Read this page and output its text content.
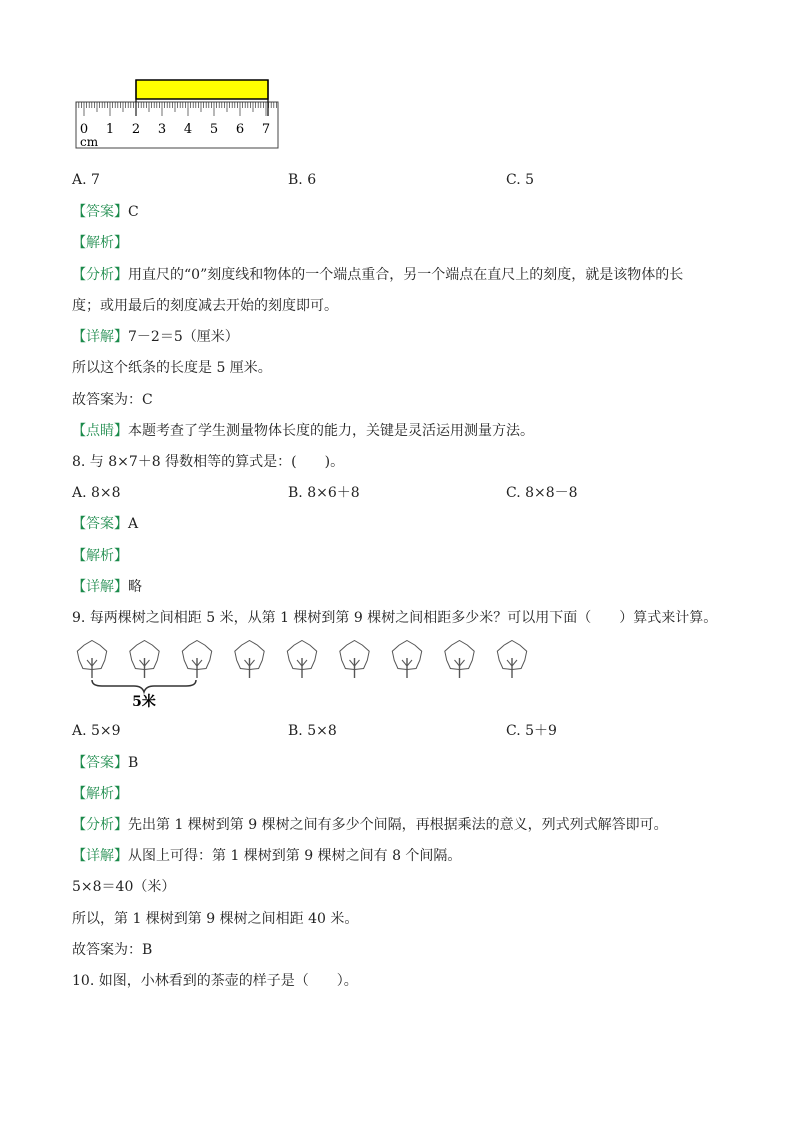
0 1 2 3 4 5 6 7
cm
A. 7	B. 6	C. 5
【答案】C
【解析】
【分析】用直尺的“0”刻度线和物体的一个端点重合，另一个端点在直尺上的刻度，就是该物体的长
度；或用最后的刻度减去开始的刻度即可。
【详解】7－2＝5（厘米）
所以这个纸条的长度是 5 厘米。
故答案为：C
【点睛】本题考查了学生测量物体长度的能力，关键是灵活运用测量方法。
8. 与 8×7＋8 得数相等的算式是：(　　)。
A. 8×8	B. 8×6＋8	C. 8×8－8
【答案】A
【解析】
【详解】略
9. 每两棵树之间相距 5 米，从第 1 棵树到第 9 棵树之间相距多少米？可以用下面（　　）算式来计算。
5米
A. 5×9	B. 5×8	C. 5＋9
【答案】B
【解析】
【分析】先出第 1 棵树到第 9 棵树之间有多少个间隔，再根据乘法的意义，列式列式解答即可。
【详解】从图上可得：第 1 棵树到第 9 棵树之间有 8 个间隔。
5×8＝40（米）
所以，第 1 棵树到第 9 棵树之间相距 40 米。
故答案为：B
10. 如图，小林看到的茶壶的样子是（　　）。
